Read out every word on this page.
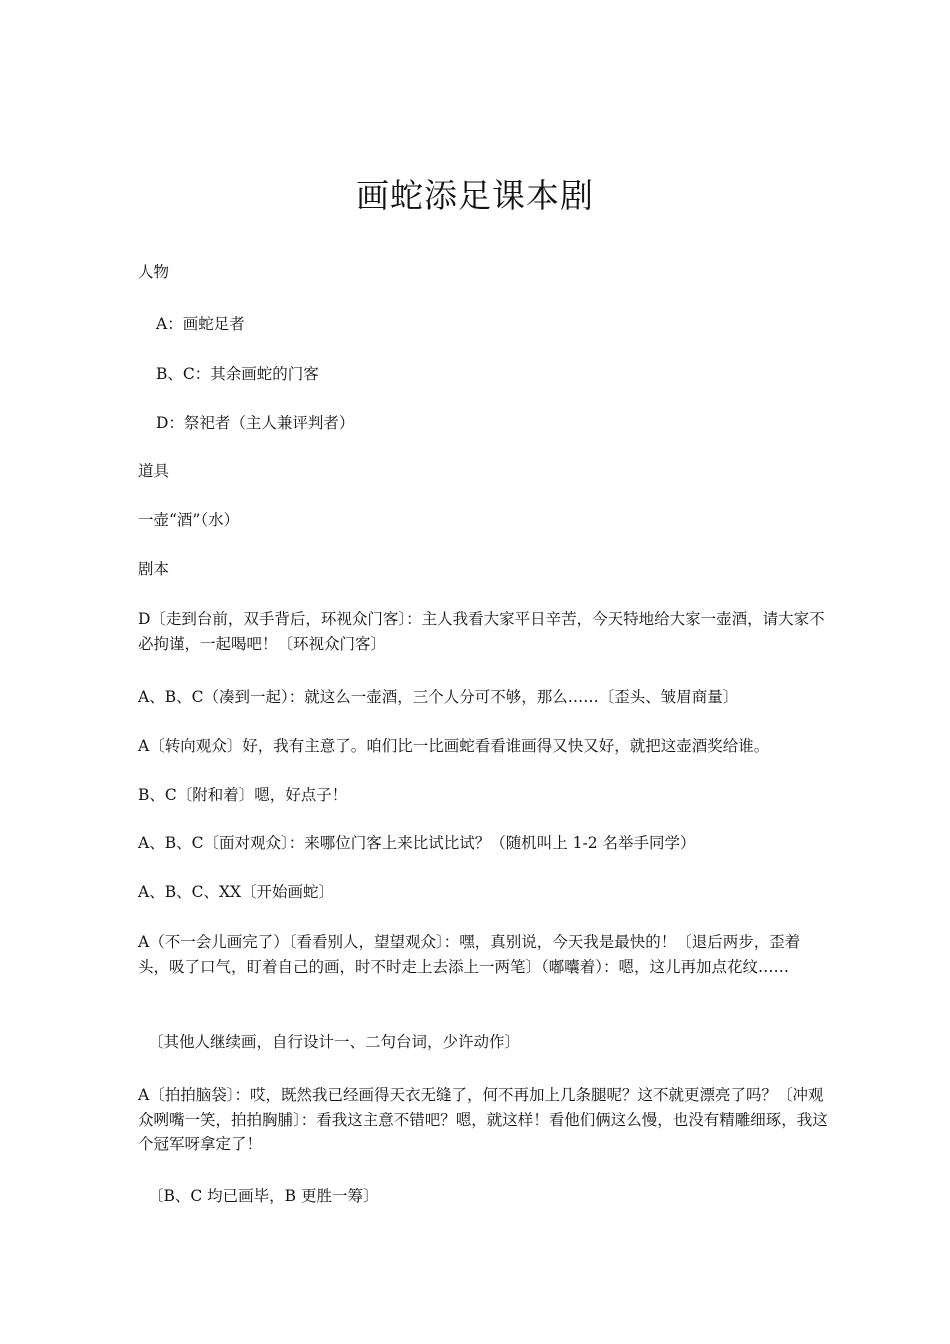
画蛇添足课本剧
人物
A：画蛇足者
B、C：其余画蛇的门客
D：祭祀者（主人兼评判者）
道具
一壶“酒”（水）
剧本
D〔走到台前，双手背后，环视众门客〕：主人我看大家平日辛苦，今天特地给大家一壶酒，请大家不必拘谨，一起喝吧！〔环视众门客〕
A、B、C（凑到一起）：就这么一壶酒，三个人分可不够，那么……〔歪头、皱眉商量〕
A〔转向观众〕好，我有主意了。咱们比一比画蛇看看谁画得又快又好，就把这壶酒奖给谁。
B、C〔附和着〕嗯，好点子！
A、B、C〔面对观众〕：来哪位门客上来比试比试？（随机叫上 1-2 名举手同学）
A、B、C、XX〔开始画蛇〕
A（不一会儿画完了）〔看看别人，望望观众〕：嘿，真别说，今天我是最快的！〔退后两步，歪着头，吸了口气，盯着自己的画，时不时走上去添上一两笔〕（嘟囔着）：嗯，这儿再加点花纹……
〔其他人继续画，自行设计一、二句台词，少许动作〕
A〔拍拍脑袋〕：哎，既然我已经画得天衣无缝了，何不再加上几条腿呢？这不就更漂亮了吗？〔冲观众咧嘴一笑，拍拍胸脯〕：看我这主意不错吧？嗯，就这样！看他们俩这么慢，也没有精雕细琢，我这个冠军呀拿定了！
〔B、C 均已画毕，B 更胜一筹〕
